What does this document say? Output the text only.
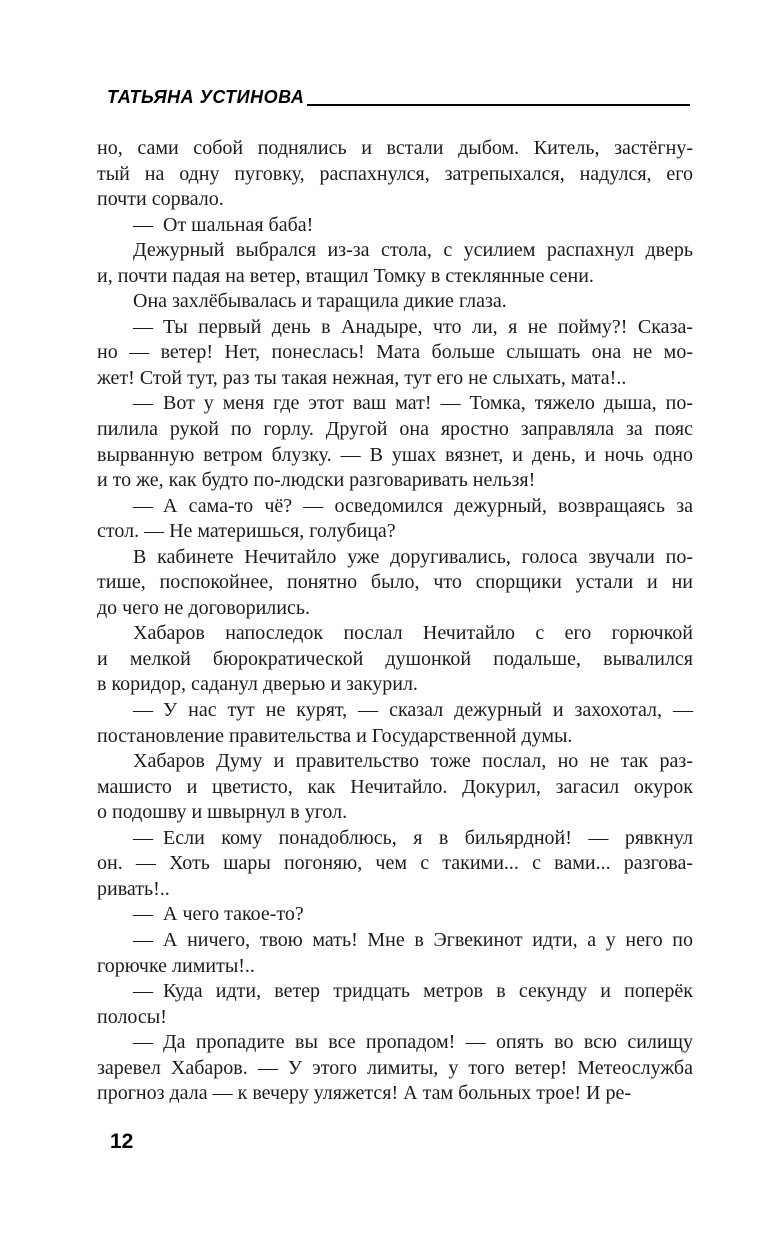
ТАТЬЯНА УСТИНОВА
но, сами собой поднялись и встали дыбом. Китель, застёгну-
тый на одну пуговку, распахнулся, затрепыхался, надулся, его
почти сорвало.
— От шальная баба!
Дежурный выбрался из-за стола, с усилием распахнул дверь
и, почти падая на ветер, втащил Томку в стеклянные сени.
Она захлёбывалась и таращила дикие глаза.
— Ты первый день в Анадыре, что ли, я не пойму?! Сказа-
но — ветер! Нет, понеслась! Мата больше слышать она не мо-
жет! Стой тут, раз ты такая нежная, тут его не слыхать, мата!..
— Вот у меня где этот ваш мат! — Томка, тяжело дыша, по-
пилила рукой по горлу. Другой она яростно заправляла за пояс
вырванную ветром блузку. — В ушах вязнет, и день, и ночь одно
и то же, как будто по-людски разговаривать нельзя!
— А сама-то чё? — осведомился дежурный, возвращаясь за
стол. — Не материшься, голубица?
В кабинете Нечитайло уже доругивались, голоса звучали по-
тише, поспокойнее, понятно было, что спорщики устали и ни
до чего не договорились.
Хабаров напоследок послал Нечитайло с его горючкой
и мелкой бюрократической душонкой подальше, вывалился
в коридор, саданул дверью и закурил.
— У нас тут не курят, — сказал дежурный и захохотал, —
постановление правительства и Государственной думы.
Хабаров Думу и правительство тоже послал, но не так раз-
машисто и цветисто, как Нечитайло. Докурил, загасил окурок
о подошву и швырнул в угол.
— Если кому понадоблюсь, я в бильярдной! — рявкнул
он. — Хоть шары погоняю, чем с такими... с вами... разгова-
ривать!..
— А чего такое-то?
— А ничего, твою мать! Мне в Эгвекинот идти, а у него по
горючке лимиты!..
— Куда идти, ветер тридцать метров в секунду и поперёк
полосы!
— Да пропадите вы все пропадом! — опять во всю силищу
заревел Хабаров. — У этого лимиты, у того ветер! Метеослужба
прогноз дала — к вечеру уляжется! А там больных трое! И ре-
12
